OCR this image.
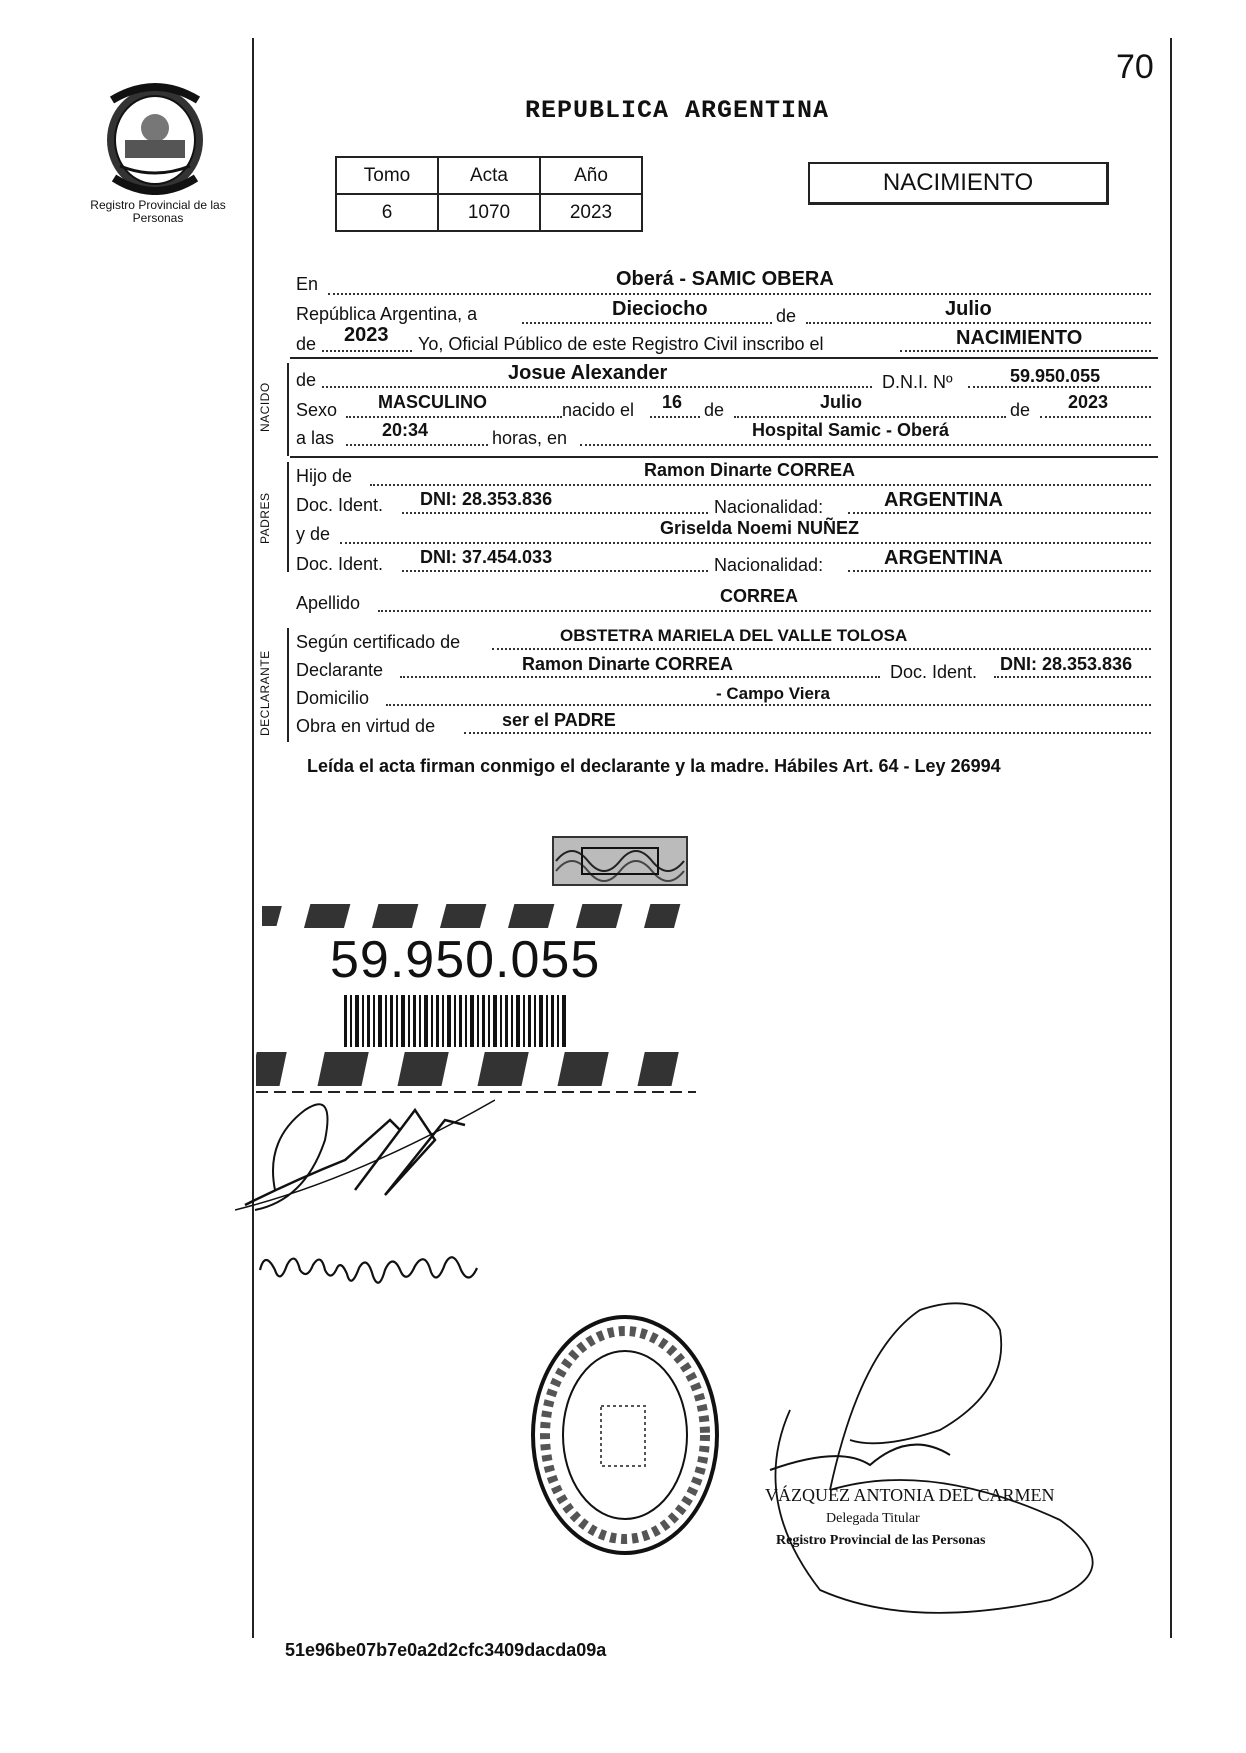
70
REPUBLICA ARGENTINA
Registro Provincial de las Personas
Tomo	Acta	Año
6	1070	2023
NACIMIENTO
En	Oberá - SAMIC OBERA
República Argentina, a	Dieciocho	de	Julio
de 2023 Yo, Oficial Público de este Registro Civil inscribo el	NACIMIENTO
NACIDO
de	Josue Alexander	D.N.I. Nº	59.950.055
Sexo MASCULINO	nacido el 16 de	Julio	de 2023
a las	20:34	horas, en	Hospital Samic - Oberá
PADRES
Hijo de	Ramon Dinarte CORREA
Doc. Ident. DNI: 28.353.836	Nacionalidad:	ARGENTINA
y de	Griselda Noemi NUÑEZ
Doc. Ident. DNI: 37.454.033	Nacionalidad:	ARGENTINA
Apellido	CORREA
DECLARANTE
Según certificado de	OBSTETRA MARIELA DEL VALLE TOLOSA
Declarante	Ramon Dinarte CORREA	Doc. Ident. DNI: 28.353.836
Domicilio	- Campo Viera
Obra en virtud de	ser el PADRE
Leída el acta firman conmigo el declarante y la madre. Hábiles Art. 64 - Ley 26994
59.950.055
VÁZQUEZ ANTONIA DEL CARMEN
Delegada Titular
Registro Provincial de las Personas
51e96be07b7e0a2d2cfc3409dacda09a
